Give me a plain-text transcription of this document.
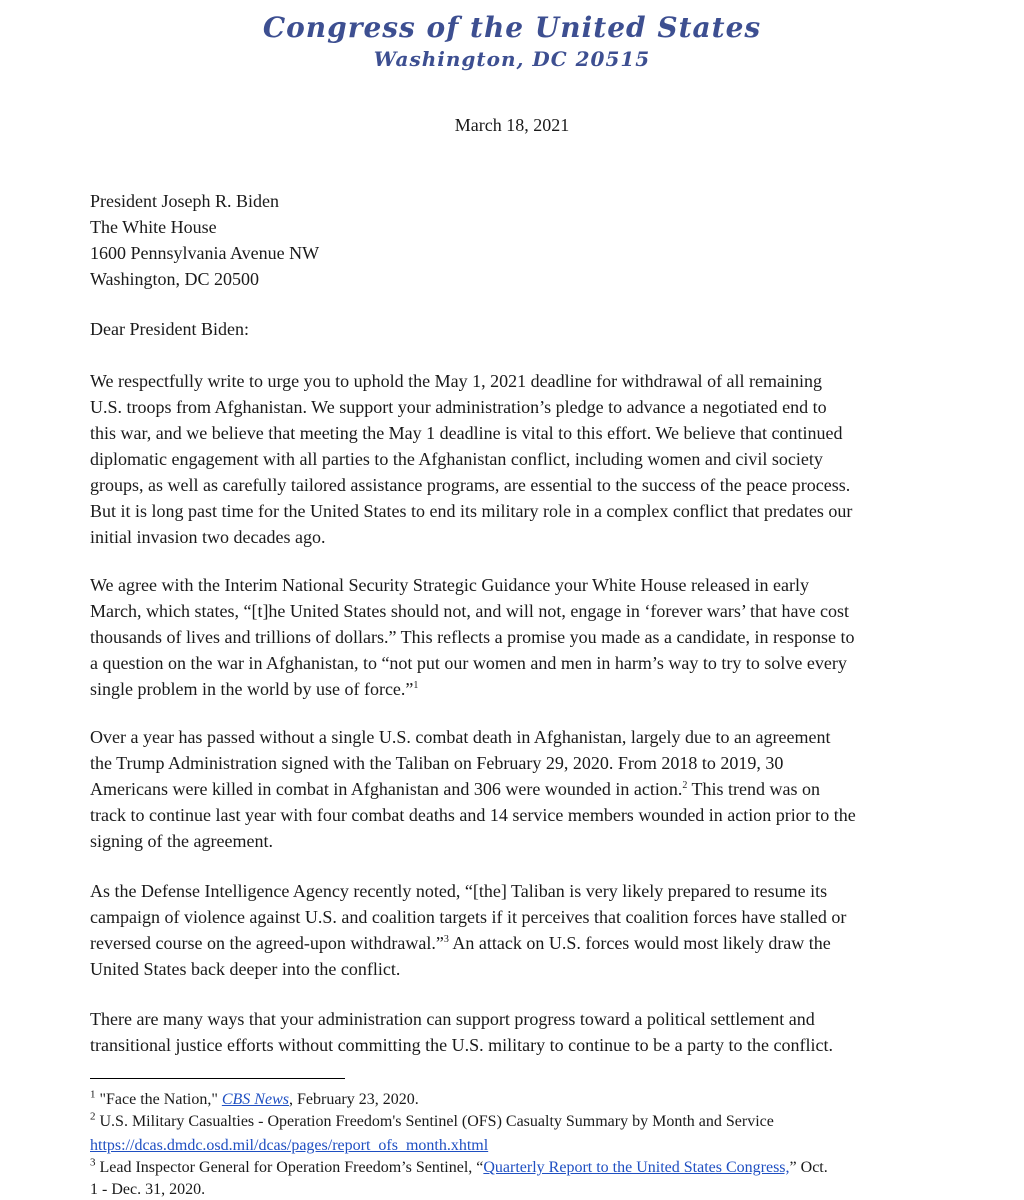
Congress of the United States
Washington, DC 20515
March 18, 2021
President Joseph R. Biden
The White House
1600 Pennsylvania Avenue NW
Washington, DC 20500
Dear President Biden:
We respectfully write to urge you to uphold the May 1, 2021 deadline for withdrawal of all remaining
U.S. troops from Afghanistan. We support your administration’s pledge to advance a negotiated end to
this war, and we believe that meeting the May 1 deadline is vital to this effort. We believe that continued
diplomatic engagement with all parties to the Afghanistan conflict, including women and civil society
groups, as well as carefully tailored assistance programs, are essential to the success of the peace process.
But it is long past time for the United States to end its military role in a complex conflict that predates our
initial invasion two decades ago.
We agree with the Interim National Security Strategic Guidance your White House released in early
March, which states, “[t]he United States should not, and will not, engage in ‘forever wars’ that have cost
thousands of lives and trillions of dollars.” This reflects a promise you made as a candidate, in response to
a question on the war in Afghanistan, to “not put our women and men in harm’s way to try to solve every
single problem in the world by use of force.”$^1$
Over a year has passed without a single U.S. combat death in Afghanistan, largely due to an agreement
the Trump Administration signed with the Taliban on February 29, 2020. From 2018 to 2019, 30
Americans were killed in combat in Afghanistan and 306 were wounded in action.$^2$ This trend was on
track to continue last year with four combat deaths and 14 service members wounded in action prior to the
signing of the agreement.
As the Defense Intelligence Agency recently noted, “[the] Taliban is very likely prepared to resume its
campaign of violence against U.S. and coalition targets if it perceives that coalition forces have stalled or
reversed course on the agreed-upon withdrawal.”$^3$ An attack on U.S. forces would most likely draw the
United States back deeper into the conflict.
There are many ways that your administration can support progress toward a political settlement and
transitional justice efforts without committing the U.S. military to continue to be a party to the conflict.
$^1$ "Face the Nation," CBS News, February 23, 2020.
$^2$ U.S. Military Casualties - Operation Freedom's Sentinel (OFS) Casualty Summary by Month and Service
https://dcas.dmdc.osd.mil/dcas/pages/report_ofs_month.xhtml
$^3$ Lead Inspector General for Operation Freedom’s Sentinel, “Quarterly Report to the United States Congress,” Oct.
1 - Dec. 31, 2020.
